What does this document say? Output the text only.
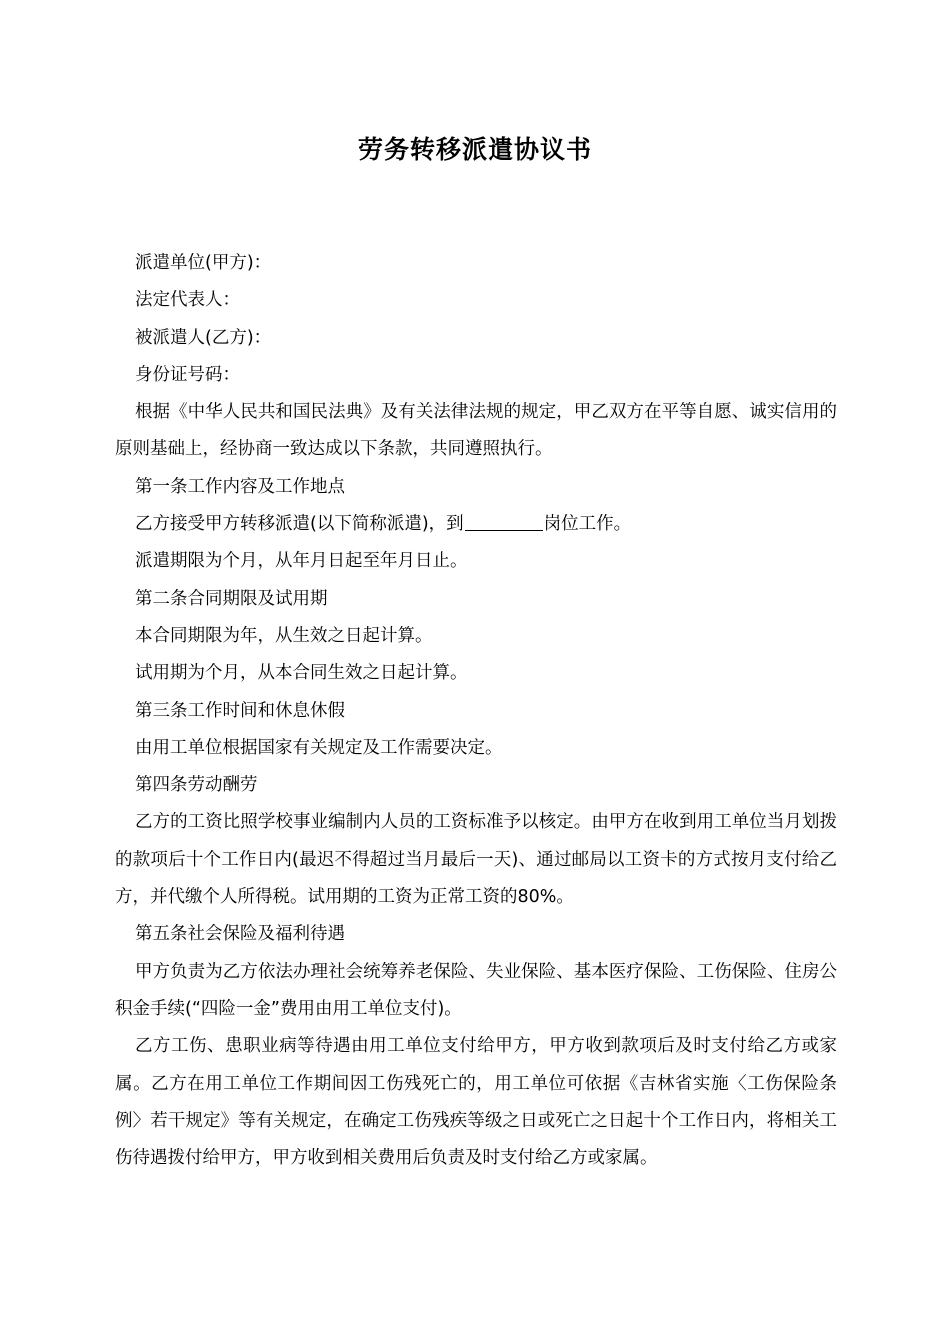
劳务转移派遣协议书

派遣单位(甲方)：

法定代表人：

被派遣人(乙方)：

身份证号码：

根据《中华人民共和国民法典》及有关法律法规的规定，甲乙双方在平等自愿、诚实信用的原则基础上，经协商一致达成以下条款，共同遵照执行。

第一条工作内容及工作地点

乙方接受甲方转移派遣(以下简称派遣)，到	岗位工作。

派遣期限为个月，从年月日起至年月日止。

第二条合同期限及试用期

本合同期限为年，从生效之日起计算。

试用期为个月，从本合同生效之日起计算。

第三条工作时间和休息休假

由用工单位根据国家有关规定及工作需要决定。

第四条劳动酬劳

乙方的工资比照学校事业编制内人员的工资标准予以核定。由甲方在收到用工单位当月划拨的款项后十个工作日内(最迟不得超过当月最后一天)、通过邮局以工资卡的方式按月支付给乙方，并代缴个人所得税。试用期的工资为正常工资的80%。

第五条社会保险及福利待遇

甲方负责为乙方依法办理社会统筹养老保险、失业保险、基本医疗保险、工伤保险、住房公积金手续(“四险一金”费用由用工单位支付)。

乙方工伤、患职业病等待遇由用工单位支付给甲方，甲方收到款项后及时支付给乙方或家属。乙方在用工单位工作期间因工伤残死亡的，用工单位可依据《吉林省实施〈工伤保险条例〉若干规定》等有关规定，在确定工伤残疾等级之日或死亡之日起十个工作日内，将相关工伤待遇拨付给甲方，甲方收到相关费用后负责及时支付给乙方或家属。
